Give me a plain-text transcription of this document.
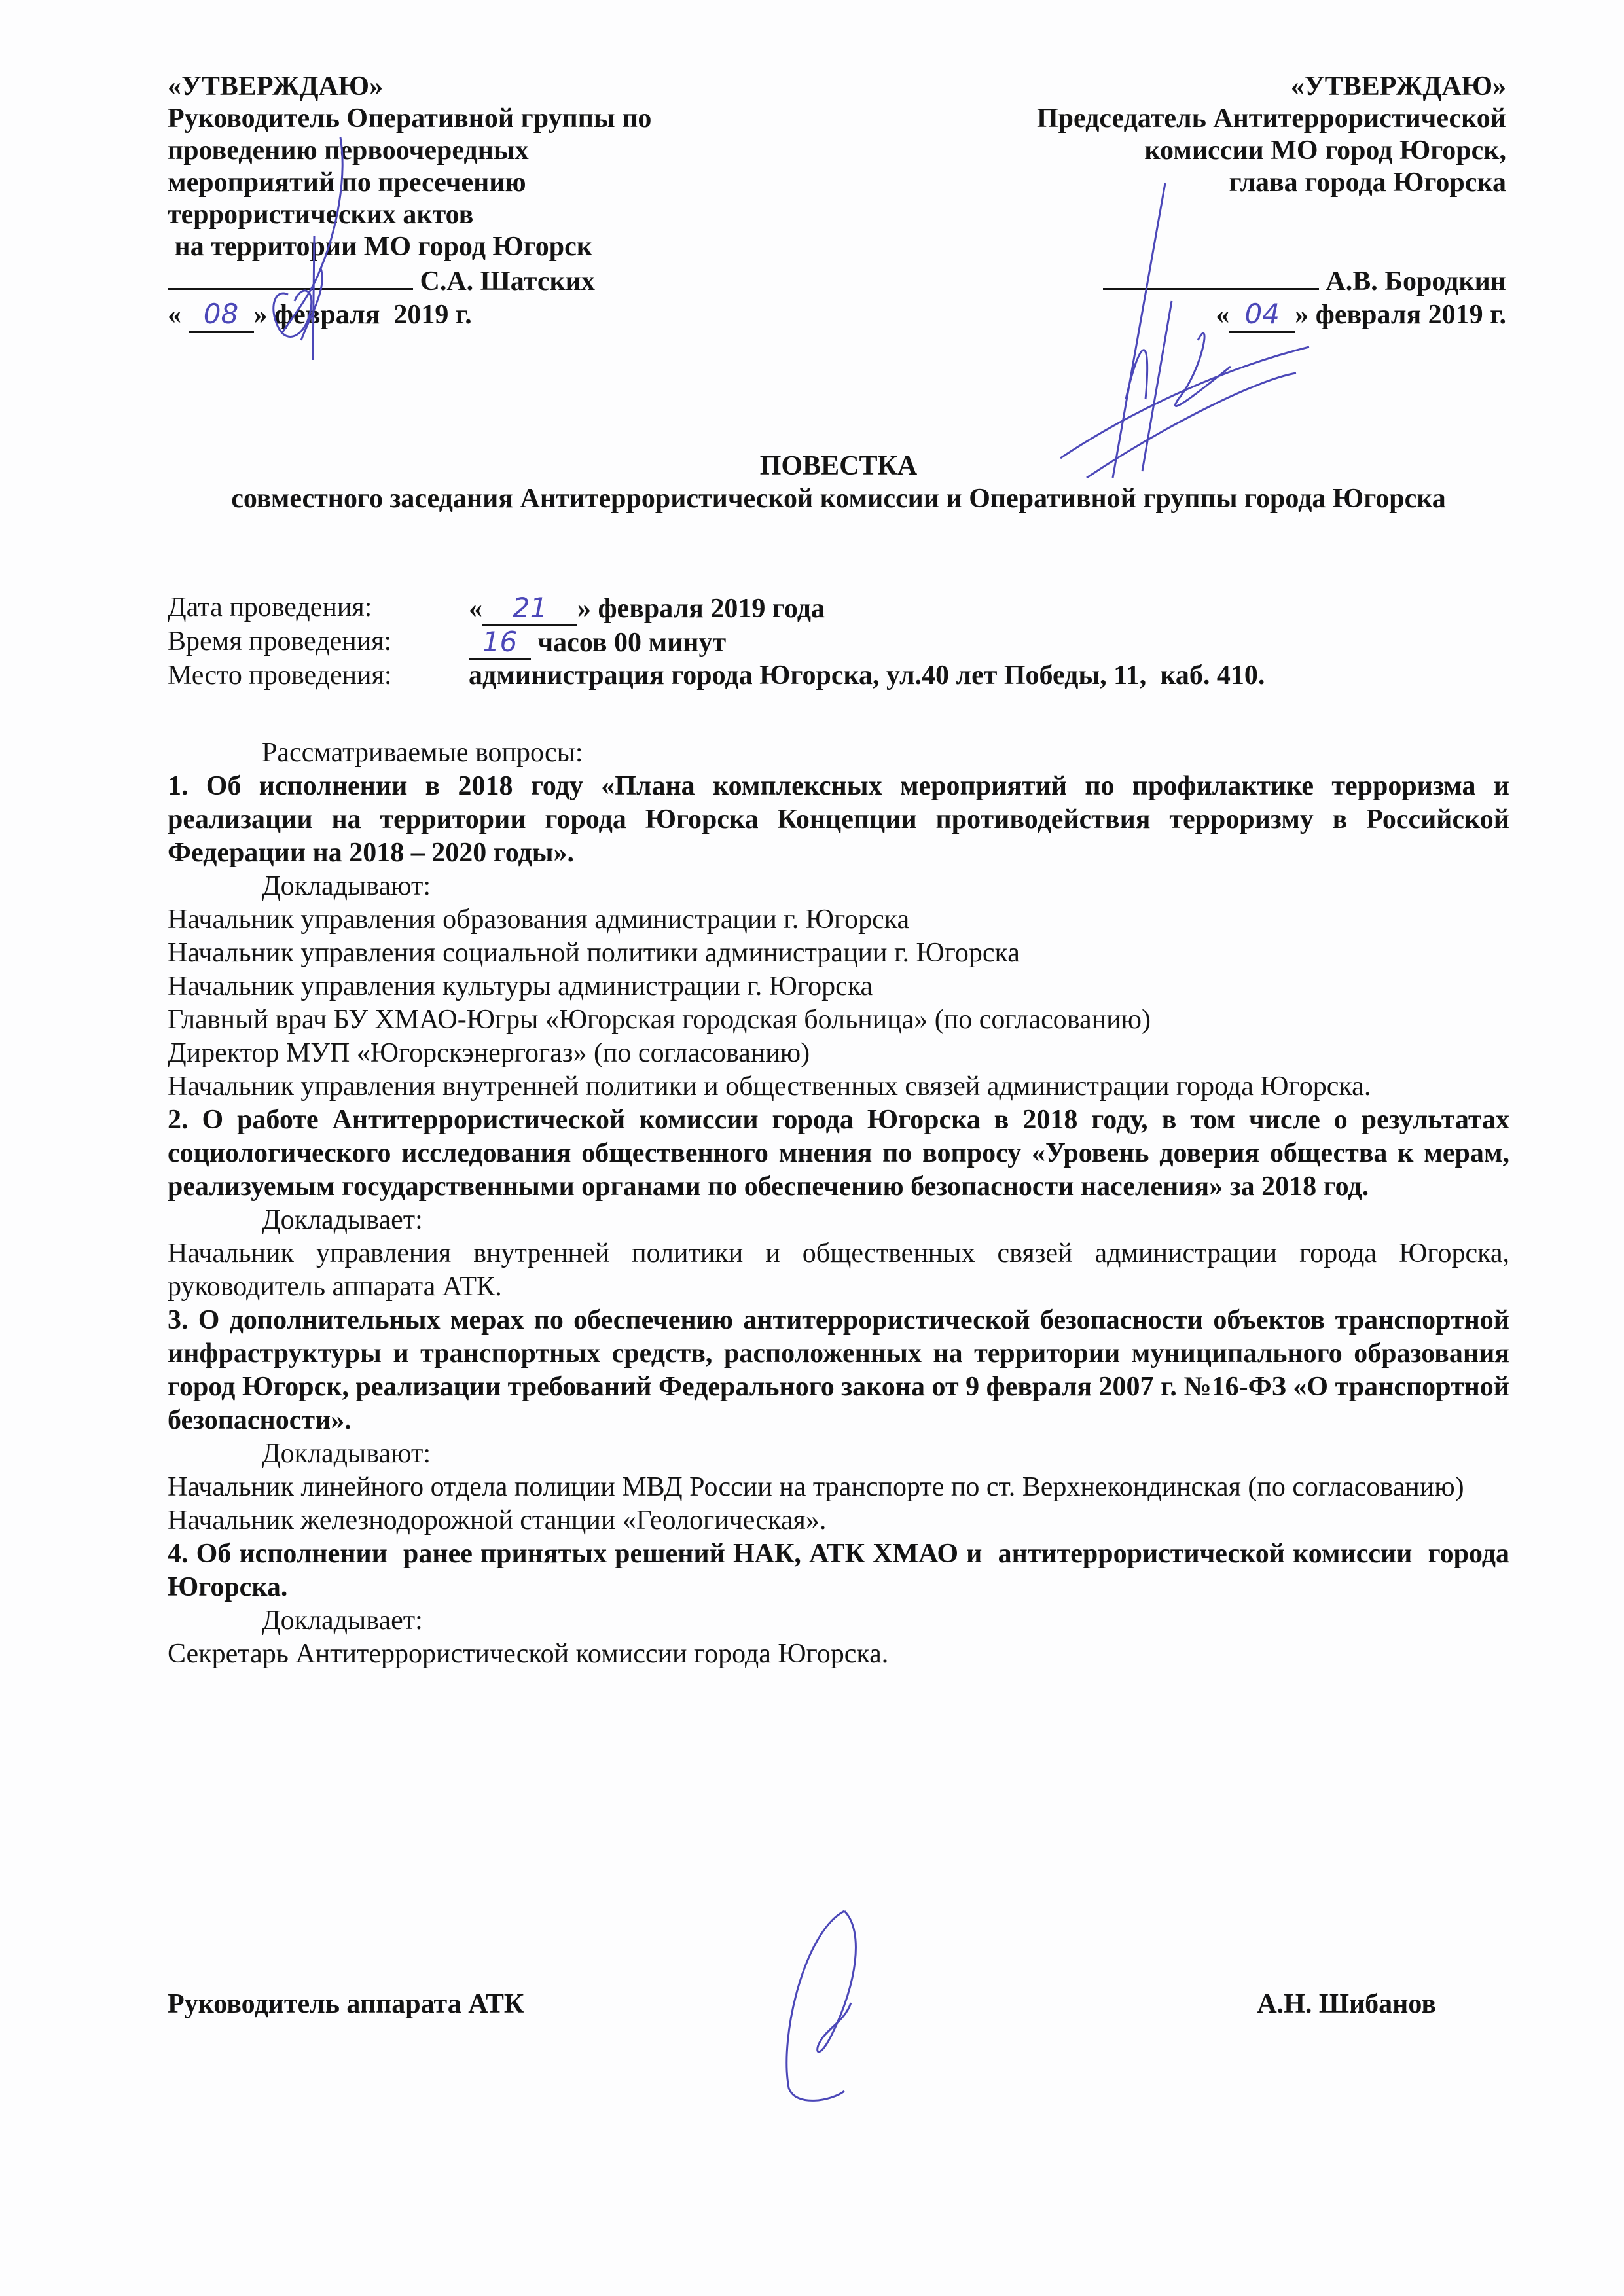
«УТВЕРЖДАЮ»
Руководитель Оперативной группы по
проведению первоочередных
мероприятий по пресечению
террористических актов
на территории МО город Югорск
С.А. Шатских
« 08 » февраля  2019 г.
«УТВЕРЖДАЮ»
Председатель Антитеррористической
комиссии МО город Югорск,
глава города Югорска
А.В. Бородкин
« 04 » февраля 2019 г.
ПОВЕСТКА
совместного заседания Антитеррористической комиссии и Оперативной группы города Югорска
Дата проведения:	« 21 » февраля 2019 года
Время проведения:	16 часов 00 минут
Место проведения:	администрация города Югорска, ул.40 лет Победы, 11,  каб. 410.

Рассматриваемые вопросы:

1. Об исполнении в 2018 году «Плана комплексных мероприятий по профилактике терроризма и реализации на территории города Югорска Концепции противодействия терроризму в Российской Федерации на 2018 – 2020 годы».

Докладывают:

Начальник управления образования администрации г. Югорска

Начальник управления социальной политики администрации г. Югорска

Начальник управления культуры администрации г. Югорска

Главный врач БУ ХМАО-Югры «Югорская городская больница» (по согласованию)

Директор МУП «Югорскэнергогаз» (по согласованию)

Начальник управления внутренней политики и общественных связей администрации города Югорска.

2. О работе Антитеррористической комиссии города Югорска в 2018 году, в том числе о результатах социологического исследования общественного мнения по вопросу «Уровень доверия общества к мерам, реализуемым государственными органами по обеспечению безопасности населения» за 2018 год.

Докладывает:

Начальник управления внутренней политики и общественных связей администрации города Югорска, руководитель аппарата АТК.

3. О дополнительных мерах по обеспечению антитеррористической безопасности объектов транспортной инфраструктуры и транспортных средств, расположенных на территории муниципального образования город Югорск, реализации требований Федерального закона от 9 февраля 2007 г. №16-ФЗ «О транспортной безопасности».

Докладывают:

Начальник линейного отдела полиции МВД России на транспорте по ст. Верхнекондинская (по согласованию)

Начальник железнодорожной станции «Геологическая».

4. Об исполнении  ранее принятых решений НАК, АТК ХМАО и  антитеррористической комиссии  города Югорска.

Докладывает:

Секретарь Антитеррористической комиссии города Югорска.

Руководитель аппарата АТК	А.Н. Шибанов
